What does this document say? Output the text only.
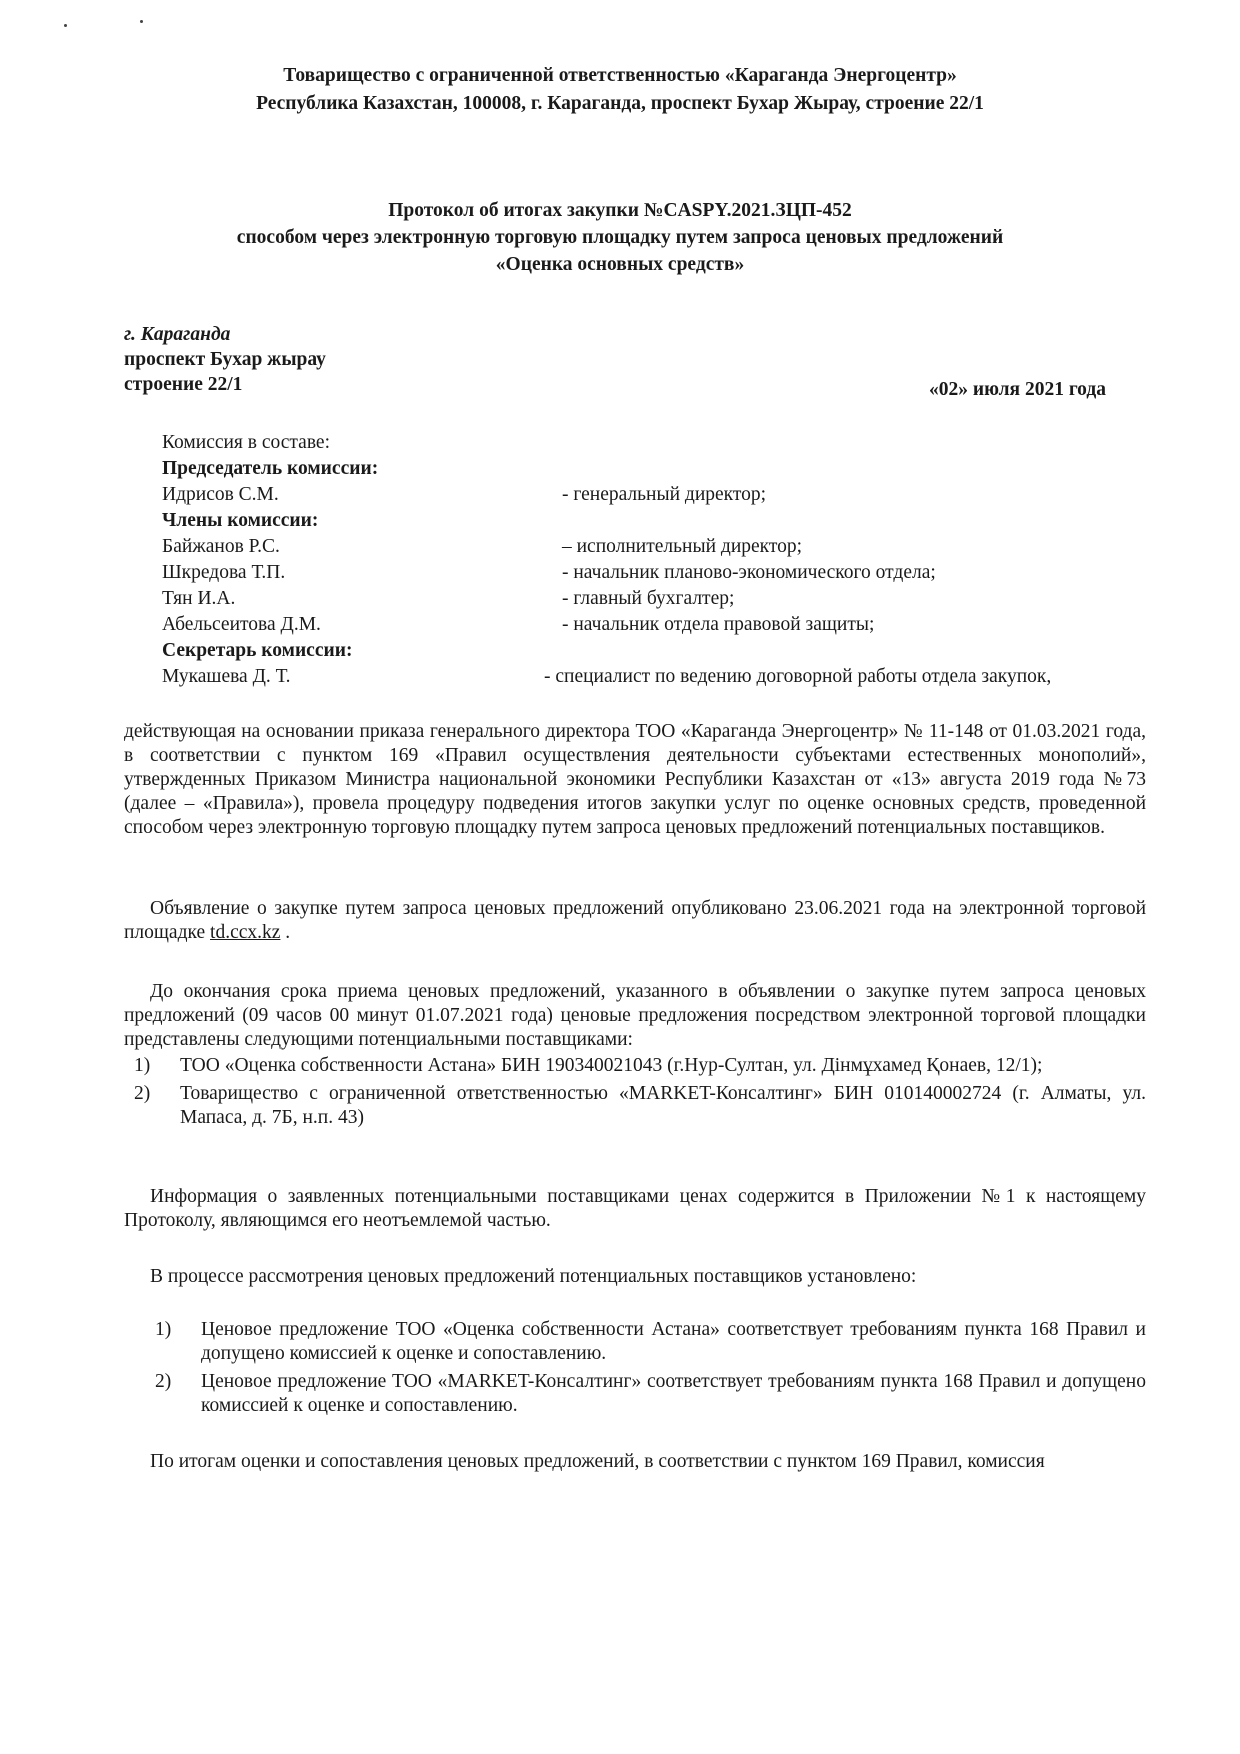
Товарищество с ограниченной ответственностью «Караганда Энергоцентр»
Республика Казахстан, 100008, г. Караганда, проспект Бухар Жырау, строение 22/1
Протокол об итогах закупки №CASPY.2021.ЗЦП-452
способом через электронную торговую площадку путем запроса ценовых предложений
«Оценка основных средств»
г. Караганда
проспект Бухар жырау
строение 22/1	«02» июля 2021 года
Комиссия в составе:
Председатель комиссии:
Идрисов С.М.	- генеральный директор;
Члены комиссии:
Байжанов Р.С.	– исполнительный директор;
Шкредова Т.П.	- начальник планово-экономического отдела;
Тян И.А.	- главный бухгалтер;
Абельсеитова Д.М.	- начальник отдела правовой защиты;
Секретарь комиссии:
Мукашева Д. Т.	- специалист по ведению договорной работы отдела закупок,
действующая на основании приказа генерального директора ТОО «Караганда Энергоцентр» № 11-148 от 01.03.2021 года, в соответствии с пунктом 169 «Правил осуществления деятельности субъектами естественных монополий», утвержденных Приказом Министра национальной экономики Республики Казахстан от «13» августа 2019 года №73 (далее – «Правила»), провела процедуру подведения итогов закупки услуг по оценке основных средств, проведенной способом через электронную торговую площадку путем запроса ценовых предложений потенциальных поставщиков.
Объявление о закупке путем запроса ценовых предложений опубликовано 23.06.2021 года на электронной торговой площадке td.ccx.kz .
До окончания срока приема ценовых предложений, указанного в объявлении о закупке путем запроса ценовых предложений (09 часов 00 минут 01.07.2021 года) ценовые предложения посредством электронной торговой площадки представлены следующими потенциальными поставщиками:
1) ТОО «Оценка собственности Астана» БИН 190340021043 (г.Нур-Султан, ул. Дінмұхамед Қонаев, 12/1);
2) Товарищество с ограниченной ответственностью «MARKET-Консалтинг» БИН 010140002724 (г. Алматы, ул. Мапаса, д. 7Б, н.п. 43)
Информация о заявленных потенциальными поставщиками ценах содержится в Приложении №1 к настоящему Протоколу, являющимся его неотъемлемой частью.
В процессе рассмотрения ценовых предложений потенциальных поставщиков установлено:
1) Ценовое предложение ТОО «Оценка собственности Астана» соответствует требованиям пункта 168 Правил и допущено комиссией к оценке и сопоставлению.
2) Ценовое предложение ТОО «MARKET-Консалтинг» соответствует требованиям пункта 168 Правил и допущено комиссией к оценке и сопоставлению.
По итогам оценки и сопоставления ценовых предложений, в соответствии с пунктом 169 Правил, комиссия
